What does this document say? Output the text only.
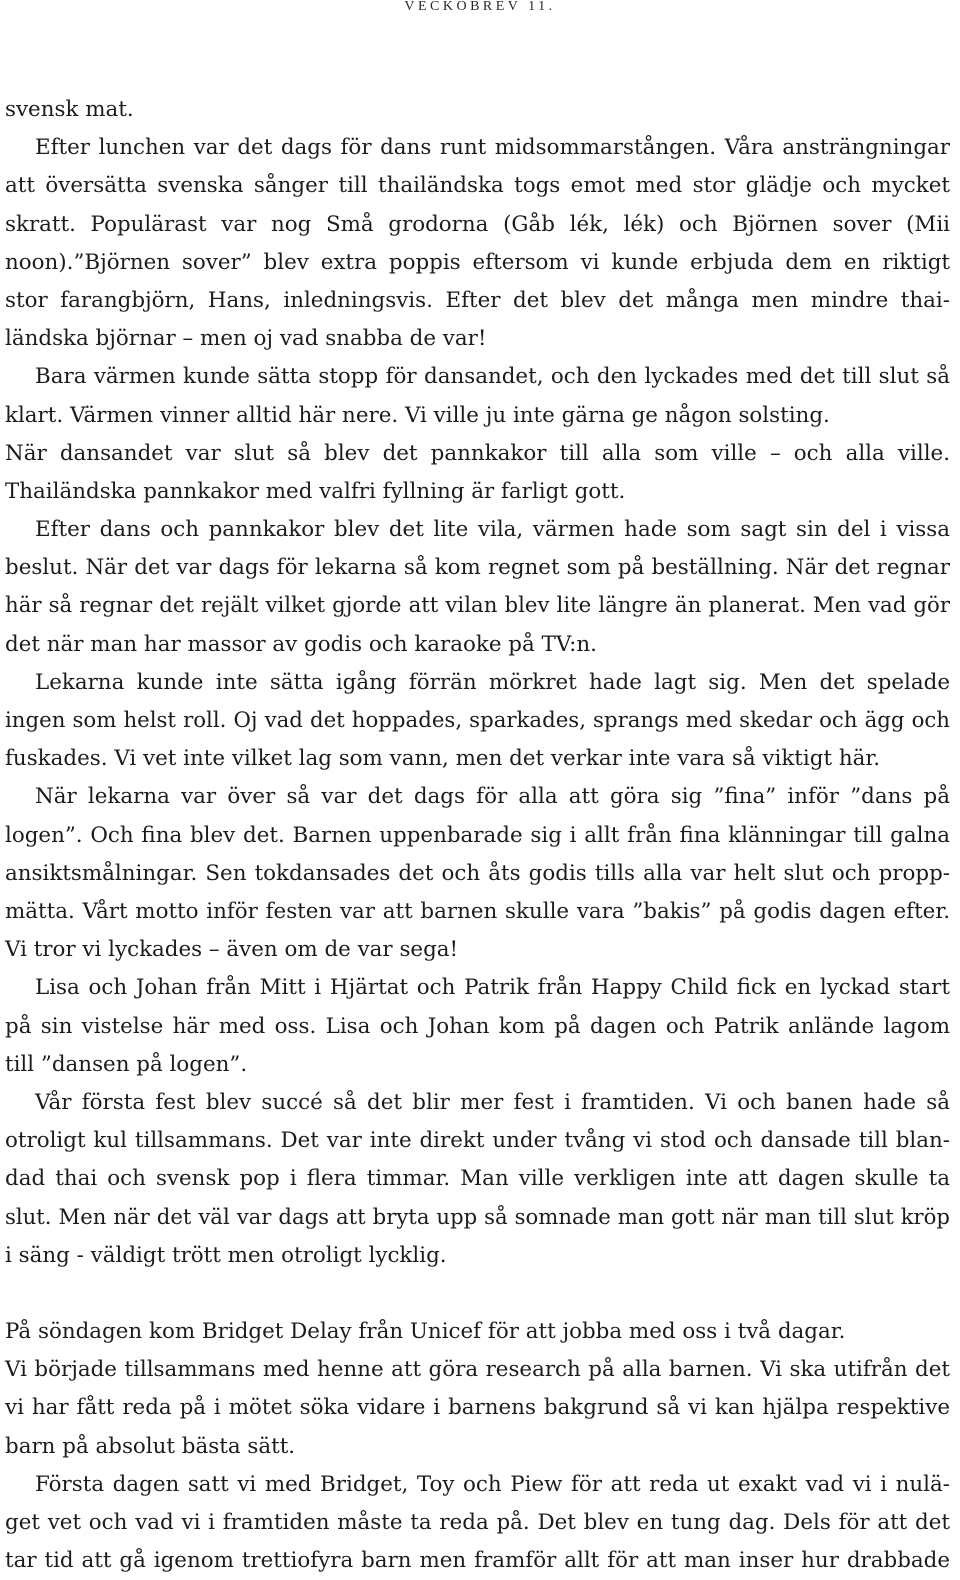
VECKOBREV 11.
svensk mat.
Efter lunchen var det dags för dans runt midsommarstången. Våra ansträngningar
att översätta svenska sånger till thailändska togs emot med stor glädje och mycket
skratt. Populärast var nog Små grodorna (Gåb lék, lék) och Björnen sover (Mii
noon).”Björnen sover” blev extra poppis eftersom vi kunde erbjuda dem en riktigt
stor farangbjörn, Hans, inledningsvis. Efter det blev det många men mindre thai-
ländska björnar – men oj vad snabba de var!
Bara värmen kunde sätta stopp för dansandet, och den lyckades med det till slut så
klart. Värmen vinner alltid här nere. Vi ville ju inte gärna ge någon solsting.
När dansandet var slut så blev det pannkakor till alla som ville – och alla ville.
Thailändska pannkakor med valfri fyllning är farligt gott.
Efter dans och pannkakor blev det lite vila, värmen hade som sagt sin del i vissa
beslut. När det var dags för lekarna så kom regnet som på beställning. När det regnar
här så regnar det rejält vilket gjorde att vilan blev lite längre än planerat. Men vad gör
det när man har massor av godis och karaoke på TV:n.
Lekarna kunde inte sätta igång förrän mörkret hade lagt sig. Men det spelade
ingen som helst roll. Oj vad det hoppades, sparkades, sprangs med skedar och ägg och
fuskades. Vi vet inte vilket lag som vann, men det verkar inte vara så viktigt här.
När lekarna var över så var det dags för alla att göra sig ”fina” inför ”dans på
logen”. Och fina blev det. Barnen uppenbarade sig i allt från fina klänningar till galna
ansiktsmålningar. Sen tokdansades det och åts godis tills alla var helt slut och propp-
mätta. Vårt motto inför festen var att barnen skulle vara ”bakis” på godis dagen efter.
Vi tror vi lyckades – även om de var sega!
Lisa och Johan från Mitt i Hjärtat och Patrik från Happy Child fick en lyckad start
på sin vistelse här med oss. Lisa och Johan kom på dagen och Patrik anlände lagom
till ”dansen på logen”.
Vår första fest blev succé så det blir mer fest i framtiden. Vi och banen hade så
otroligt kul tillsammans. Det var inte direkt under tvång vi stod och dansade till blan-
dad thai och svensk pop i flera timmar. Man ville verkligen inte att dagen skulle ta
slut. Men när det väl var dags att bryta upp så somnade man gott när man till slut kröp
i säng - väldigt trött men otroligt lycklig.
På söndagen kom Bridget Delay från Unicef för att jobba med oss i två dagar.
Vi började tillsammans med henne att göra research på alla barnen. Vi ska utifrån det
vi har fått reda på i mötet söka vidare i barnens bakgrund så vi kan hjälpa respektive
barn på absolut bästa sätt.
Första dagen satt vi med Bridget, Toy och Piew för att reda ut exakt vad vi i nulä-
get vet och vad vi i framtiden måste ta reda på. Det blev en tung dag. Dels för att det
tar tid att gå igenom trettiofyra barn men framför allt för att man inser hur drabbade
